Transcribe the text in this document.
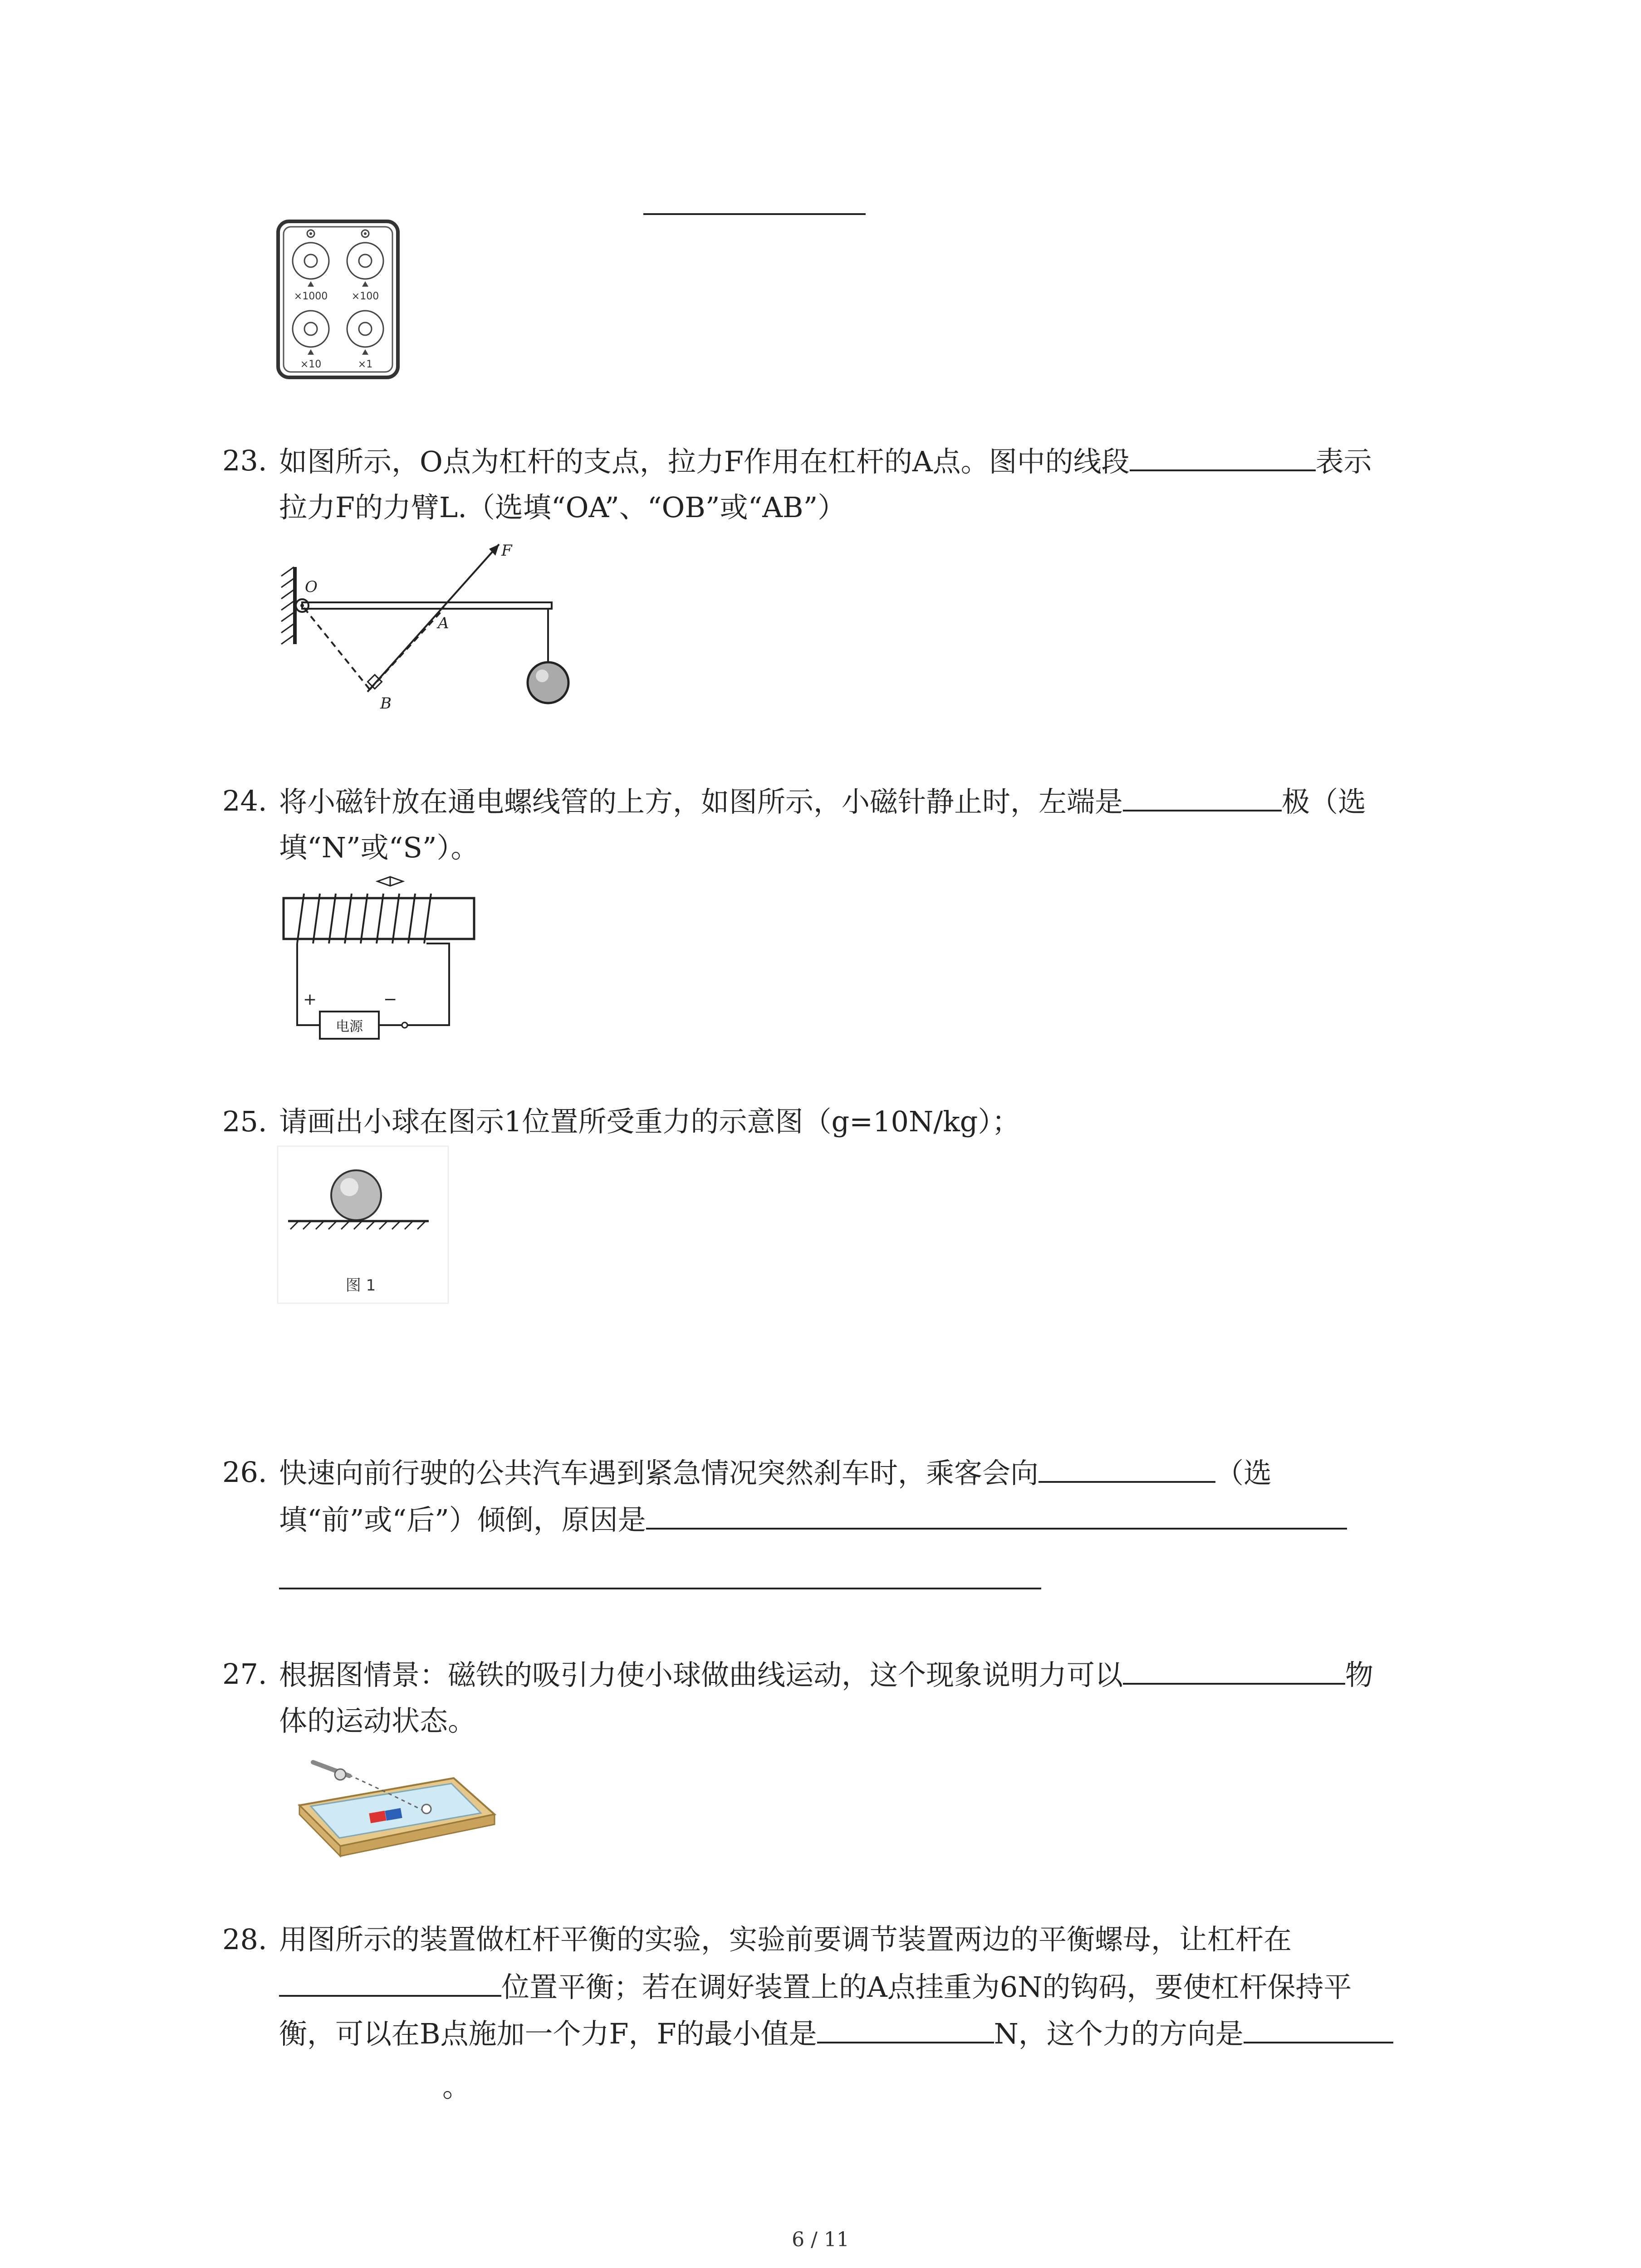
×1000 ×100
×10	×1
23. 如图所示，O点为杠杆的支点，拉力F作用在杠杆的A点。图中的线段	表示
拉力F的力臂L.（选填“OA”、“OB”或“AB”）
O
F
A
B
24. 将小磁针放在通电螺线管的上方，如图所示，小磁针静止时，左端是	极（选
填“N”或“S”）。
电源
+	−
25. 请画出小球在图示1位置所受重力的示意图（g=10N/kg）；
图 1
26. 快速向前行驶的公共汽车遇到紧急情况突然刹车时，乘客会向	（选
填“前”或“后”）倾倒，原因是
27. 根据图情景：磁铁的吸引力使小球做曲线运动，这个现象说明力可以	物
体的运动状态。
28. 用图所示的装置做杠杆平衡的实验，实验前要调节装置两边的平衡螺母，让杠杆在
位置平衡；若在调好装置上的A点挂重为6N的钩码，要使杠杆保持平
衡，可以在B点施加一个力F，F的最小值是	N，这个力的方向是
。
6 / 11
